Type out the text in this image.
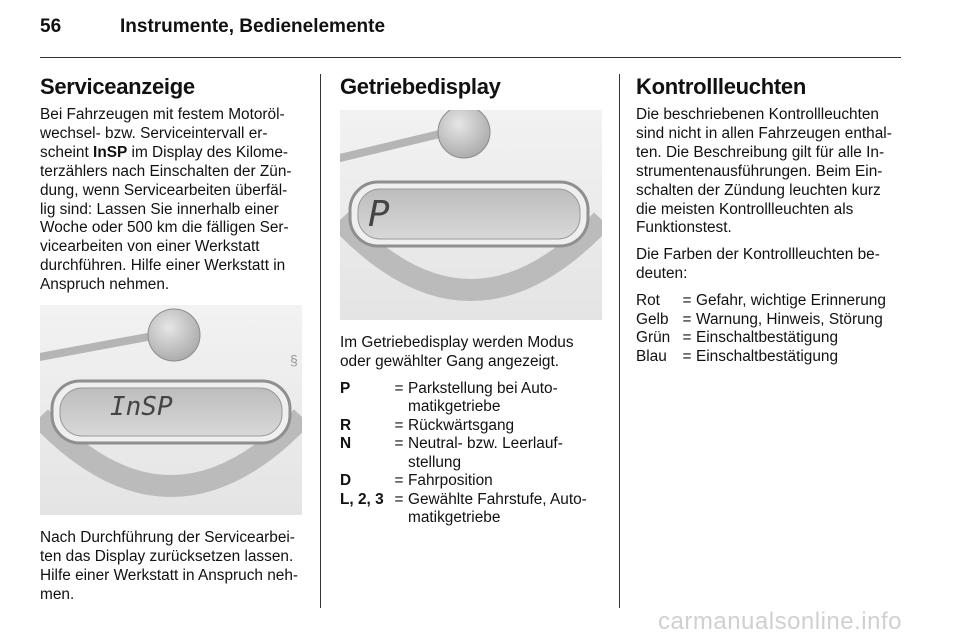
56	Instrumente, Bedienelemente
Serviceanzeige

Bei Fahrzeugen mit festem Motoröl-wechsel- bzw. Serviceintervall er-scheint InSP im Display des Kilome-terzählers nach Einschalten der Zün-dung, wenn Servicearbeiten überfäl-lig sind: Lassen Sie innerhalb einer Woche oder 500 km die fälligen Ser-vicearbeiten von einer Werkstatt durchführen. Hilfe einer Werkstatt in Anspruch nehmen.

InSP
§

Nach Durchführung der Servicearbei-ten das Display zurücksetzen lassen. Hilfe einer Werkstatt in Anspruch neh-men.

Getriebedisplay
P

Im Getriebedisplay werden Modus oder gewählter Gang angezeigt.

P	=	Parkstellung bei Auto-matikgetriebe
R	=	Rückwärtsgang
N	=	Neutral- bzw. Leerlauf-stellung
D	=	Fahrposition
L, 2, 3	=	Gewählte Fahrstufe, Auto-matikgetriebe
Kontrollleuchten

Die beschriebenen Kontrollleuchten sind nicht in allen Fahrzeugen enthal-ten. Die Beschreibung gilt für alle In-strumentenausführungen. Beim Ein-schalten der Zündung leuchten kurz die meisten Kontrollleuchten als Funktionstest.

Die Farben der Kontrollleuchten be-deuten:

Rot	=	Gefahr, wichtige Erinnerung
Gelb	=	Warnung, Hinweis, Störung
Grün	=	Einschaltbestätigung
Blau	=	Einschaltbestätigung
carmanualsonline.info
